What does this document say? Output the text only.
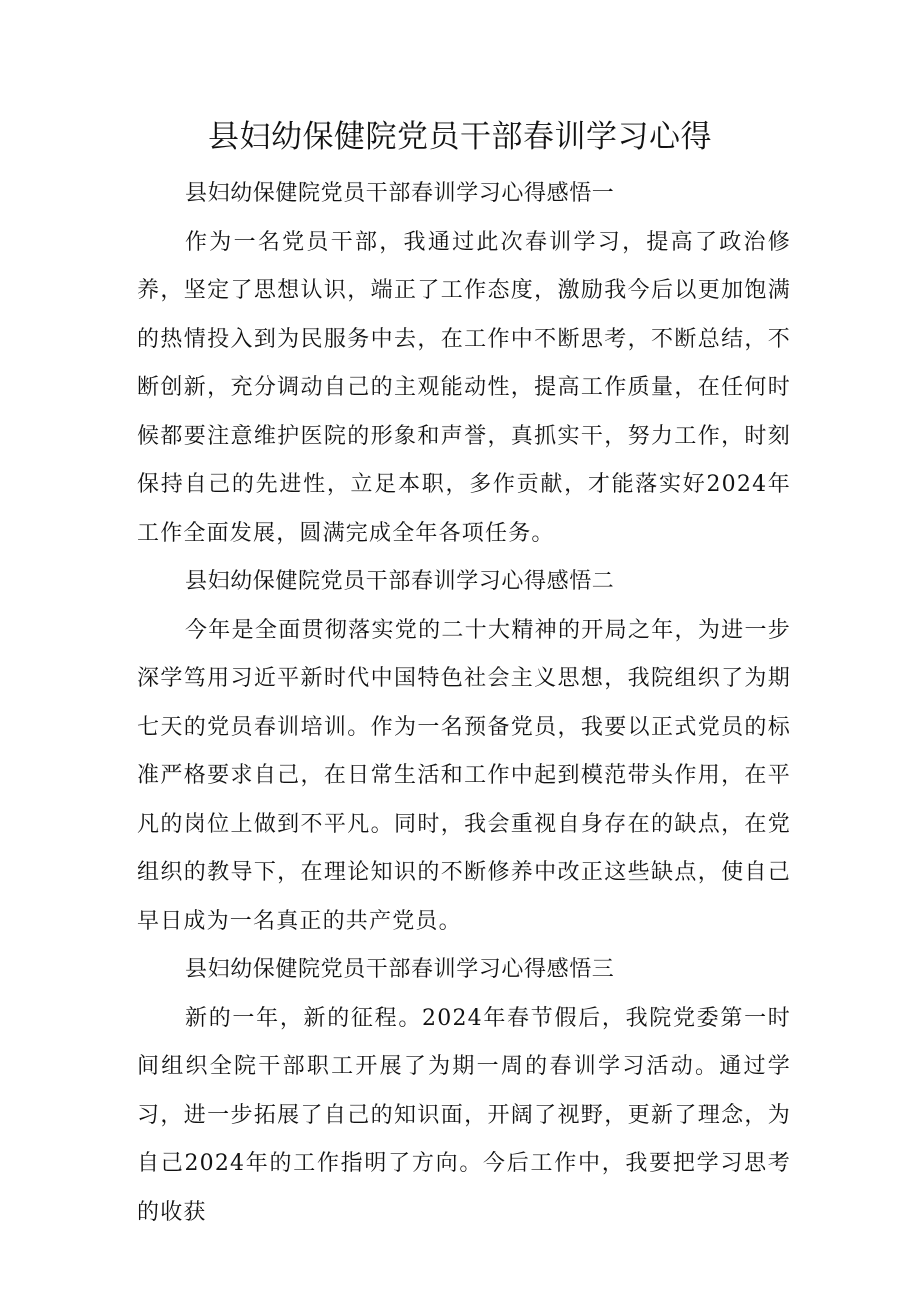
县妇幼保健院党员干部春训学习心得

县妇幼保健院党员干部春训学习心得感悟一

作为一名党员干部，我通过此次春训学习，提高了政治修养，坚定了思想认识，端正了工作态度，激励我今后以更加饱满的热情投入到为民服务中去，在工作中不断思考，不断总结，不断创新，充分调动自己的主观能动性，提高工作质量，在任何时候都要注意维护医院的形象和声誉，真抓实干，努力工作，时刻保持自己的先进性，立足本职，多作贡献，才能落实好2024年工作全面发展，圆满完成全年各项任务。

县妇幼保健院党员干部春训学习心得感悟二

今年是全面贯彻落实党的二十大精神的开局之年，为进一步深学笃用习近平新时代中国特色社会主义思想，我院组织了为期七天的党员春训培训。作为一名预备党员，我要以正式党员的标准严格要求自己，在日常生活和工作中起到模范带头作用，在平凡的岗位上做到不平凡。同时，我会重视自身存在的缺点，在党组织的教导下，在理论知识的不断修养中改正这些缺点，使自己早日成为一名真正的共产党员。

县妇幼保健院党员干部春训学习心得感悟三

新的一年，新的征程。2024年春节假后，我院党委第一时间组织全院干部职工开展了为期一周的春训学习活动。通过学习，进一步拓展了自己的知识面，开阔了视野，更新了理念，为自己2024年的工作指明了方向。今后工作中，我要把学习思考的收获
